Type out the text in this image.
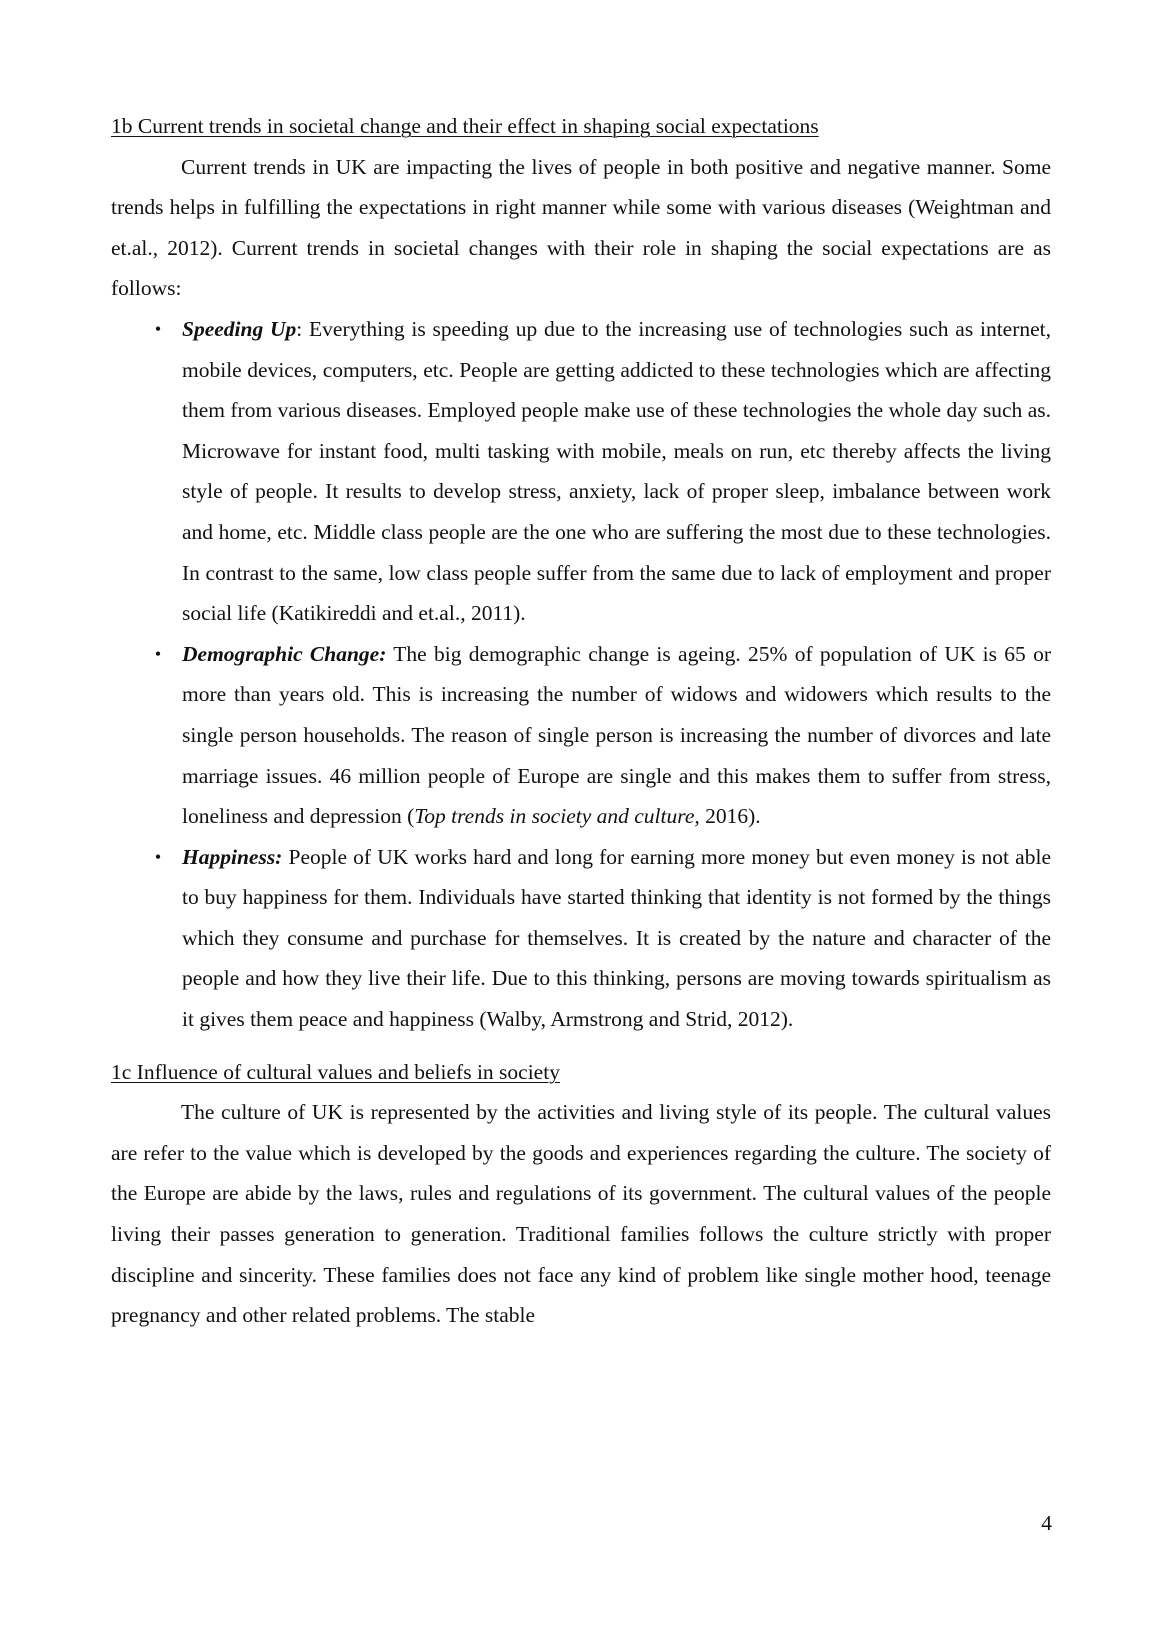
1b Current trends in societal change and their effect in shaping social expectations

Current trends in UK are impacting the lives of people in both positive and negative manner. Some trends helps in fulfilling the expectations in right manner while some with various diseases (Weightman and et.al., 2012). Current trends in societal changes with their role in shaping the social expectations are as follows:

• Speeding Up: Everything is speeding up due to the increasing use of technologies such as internet, mobile devices, computers, etc. People are getting addicted to these technologies which are affecting them from various diseases. Employed people make use of these technologies the whole day such as. Microwave for instant food, multi tasking with mobile, meals on run, etc thereby affects the living style of people. It results to develop stress, anxiety, lack of proper sleep, imbalance between work and home, etc. Middle class people are the one who are suffering the most due to these technologies. In contrast to the same, low class people suffer from the same due to lack of employment and proper social life (Katikireddi and et.al., 2011).
• Demographic Change: The big demographic change is ageing. 25% of population of UK is 65 or more than years old. This is increasing the number of widows and widowers which results to the single person households. The reason of single person is increasing the number of divorces and late marriage issues. 46 million people of Europe are single and this makes them to suffer from stress, loneliness and depression (Top trends in society and culture, 2016).
• Happiness: People of UK works hard and long for earning more money but even money is not able to buy happiness for them. Individuals have started thinking that identity is not formed by the things which they consume and purchase for themselves. It is created by the nature and character of the people and how they live their life. Due to this thinking, persons are moving towards spiritualism as it gives them peace and happiness (Walby, Armstrong and Strid, 2012).

1c Influence of cultural values and beliefs in society

The culture of UK is represented by the activities and living style of its people. The cultural values are refer to the value which is developed by the goods and experiences regarding the culture. The society of the Europe are abide by the laws, rules and regulations of its government. The cultural values of the people living their passes generation to generation. Traditional families follows the culture strictly with proper discipline and sincerity. These families does not face any kind of problem like single mother hood, teenage pregnancy and other related problems. The stable

4
